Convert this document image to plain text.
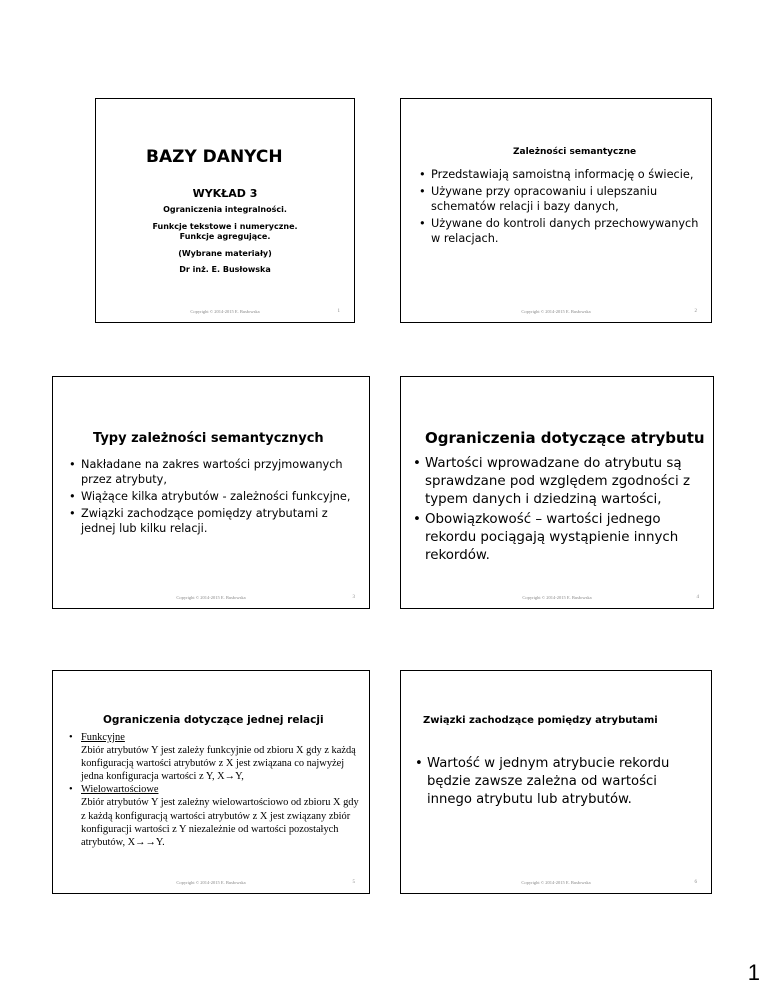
BAZY DANYCH
WYKŁAD 3
Ograniczenia integralności.
Funkcje tekstowe i numeryczne.
Funkcje agregujące.
(Wybrane materiały)
Dr inż. E. Busłowska
Copyright © 2014-2015 E. Busłowska	1
Zależności semantyczne
• Przedstawiają samoistną informację o świecie,
• Używane przy opracowaniu i ulepszaniu schematów relacji i bazy danych,
• Używane do kontroli danych przechowywanych w relacjach.
Copyright © 2014-2015 E. Busłowska	2
Typy zależności semantycznych
• Nakładane na zakres wartości przyjmowanych przez atrybuty,
• Wiążące kilka atrybutów - zależności funkcyjne,
• Związki zachodzące pomiędzy atrybutami z jednej lub kilku relacji.
Copyright © 2014-2015 E. Busłowska	3
Ograniczenia dotyczące atrybutu
• Wartości wprowadzane do atrybutu są sprawdzane pod względem zgodności z typem danych i dziedziną wartości,
• Obowiązkowość – wartości jednego rekordu pociągają wystąpienie innych rekordów.
Copyright © 2014-2015 E. Busłowska	4
Ograniczenia dotyczące jednej relacji
• Funkcyjne
Zbiór atrybutów Y jest zależy funkcyjnie od zbioru X gdy z każdą konfiguracją wartości atrybutów z X jest związana co najwyżej jedna konfiguracja wartości z Y, X→Y,
• Wielowartościowe
Zbiór atrybutów Y jest zależny wielowartościowo od zbioru X gdy z każdą konfiguracją wartości atrybutów z X jest związany zbiór konfiguracji wartości z Y niezależnie od wartości pozostałych atrybutów, X→→Y.
Copyright © 2014-2015 E. Busłowska	5
Związki zachodzące pomiędzy atrybutami
• Wartość w jednym atrybucie rekordu będzie zawsze zależna od wartości innego atrybutu lub atrybutów.
Copyright © 2014-2015 E. Busłowska	6
1
